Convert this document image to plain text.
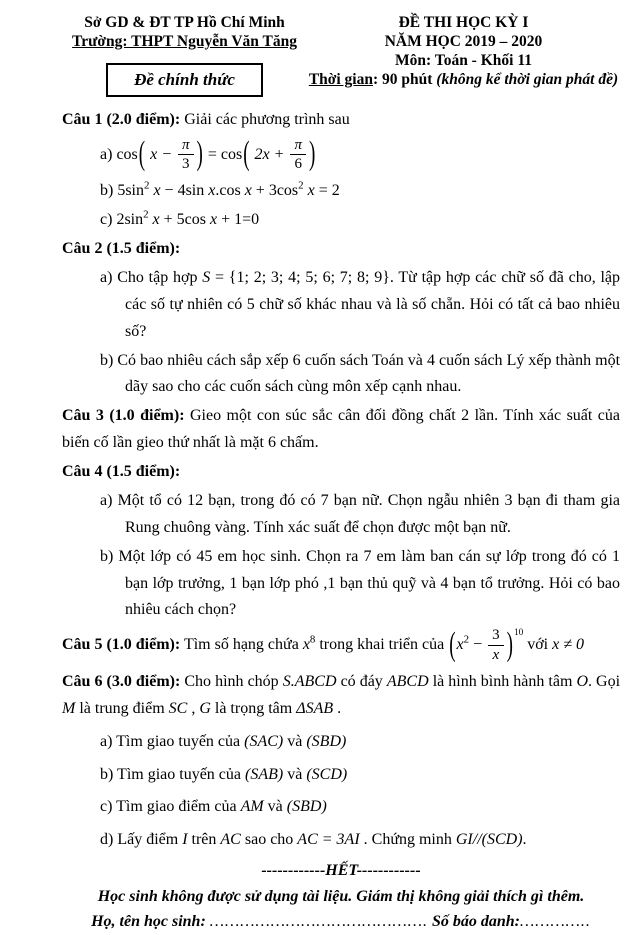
Sở GD & ĐT TP Hồ Chí Minh
Trường: THPT Nguyễn Văn Tăng
Đề chính thức
ĐỀ THI HỌC KỲ I
NĂM HỌC 2019 – 2020
Môn: Toán - Khối 11
Thời gian: 90 phút (không kể thời gian phát đề)

Câu 1 (2.0 điểm): Giải các phương trình sau

a) cos( $x - \frac{\pi}{3}$ ) = cos( $2x + \frac{\pi}{6}$ )
b) $5\sin^2$ x − 4sin x.cos $x + 3\cos^2$ x = 2
c) $2\sin^2$ x + 5cos x + 1=0

Câu 2 (1.5 điểm):

a) Cho tập hợp S = {1; 2; 3; 4; 5; 6; 7; 8; 9}. Từ tập hợp các chữ số đã cho, lập các số tự nhiên có 5 chữ số khác nhau và là số chẵn. Hỏi có tất cả bao nhiêu số?
b) Có bao nhiêu cách sắp xếp 6 cuốn sách Toán và 4 cuốn sách Lý xếp thành một dãy sao cho các cuốn sách cùng môn xếp cạnh nhau.

Câu 3 (1.0 điểm): Gieo một con súc sắc cân đối đồng chất 2 lần. Tính xác suất của biến cố lần gieo thứ nhất là mặt 6 chấm.

Câu 4 (1.5 điểm):

a) Một tổ có 12 bạn, trong đó có 7 bạn nữ. Chọn ngẫu nhiên 3 bạn đi tham gia Rung chuông vàng. Tính xác suất để chọn được một bạn nữ.
b) Một lớp có 45 em học sinh. Chọn ra 7 em làm ban cán sự lớp trong đó có 1 bạn lớp trưởng, 1 bạn lớp phó ,1 bạn thủ quỹ và 4 bạn tổ trưởng. Hỏi có bao nhiêu cách chọn?

Câu 5 (1.0 điểm): Tìm số hạng chứa $x^8$ trong khai triển của $(x^2 - \frac{3}{x} )^{10}$ với x ≠ 0

Câu 6 (3.0 điểm): Cho hình chóp S.ABCD có đáy ABCD là hình bình hành tâm O. Gọi M là trung điểm SC , G là trọng tâm ΔSAB .

a) Tìm giao tuyến của (SAC) và (SBD)
b) Tìm giao tuyến của (SAB) và (SCD)
c) Tìm giao điểm của AM và (SBD)
d) Lấy điểm I trên AC sao cho AC = 3AI . Chứng minh GI//(SCD).

------------HẾT------------

Học sinh không được sử dụng tài liệu. Giám thị không giải thích gì thêm.

Họ, tên học sinh: ……………………………………. Số báo danh:…………..
